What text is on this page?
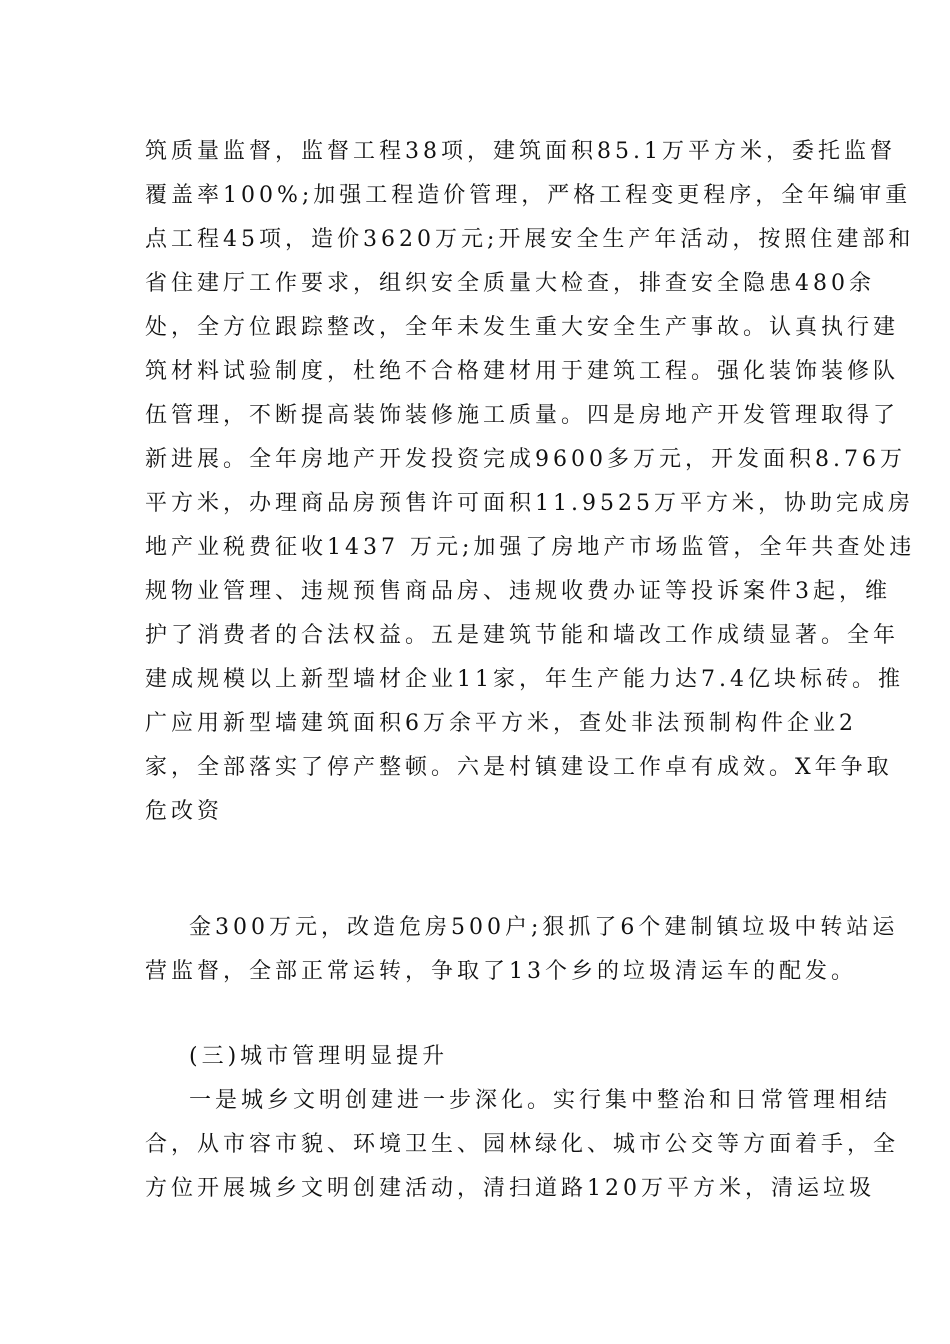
筑质量监督，监督工程38项，建筑面积85.1万平方米，委托监督
覆盖率100%;加强工程造价管理，严格工程变更程序，全年编审重
点工程45项，造价3620万元;开展安全生产年活动，按照住建部和
省住建厅工作要求，组织安全质量大检查，排查安全隐患480余
处，全方位跟踪整改，全年未发生重大安全生产事故。认真执行建
筑材料试验制度，杜绝不合格建材用于建筑工程。强化装饰装修队
伍管理，不断提高装饰装修施工质量。四是房地产开发管理取得了
新进展。全年房地产开发投资完成9600多万元，开发面积8.76万
平方米，办理商品房预售许可面积11.9525万平方米，协助完成房
地产业税费征收1437 万元;加强了房地产市场监管，全年共查处违
规物业管理、违规预售商品房、违规收费办证等投诉案件3起，维
护了消费者的合法权益。五是建筑节能和墙改工作成绩显著。全年
建成规模以上新型墙材企业11家，年生产能力达7.4亿块标砖。推
广应用新型墙建筑面积6万余平方米，查处非法预制构件企业2
家，全部落实了停产整顿。六是村镇建设工作卓有成效。X年争取
危改资
金300万元，改造危房500户;狠抓了6个建制镇垃圾中转站运
营监督，全部正常运转，争取了13个乡的垃圾清运车的配发。
(三)城市管理明显提升
一是城乡文明创建进一步深化。实行集中整治和日常管理相结
合，从市容市貌、环境卫生、园林绿化、城市公交等方面着手，全
方位开展城乡文明创建活动，清扫道路120万平方米，清运垃圾
